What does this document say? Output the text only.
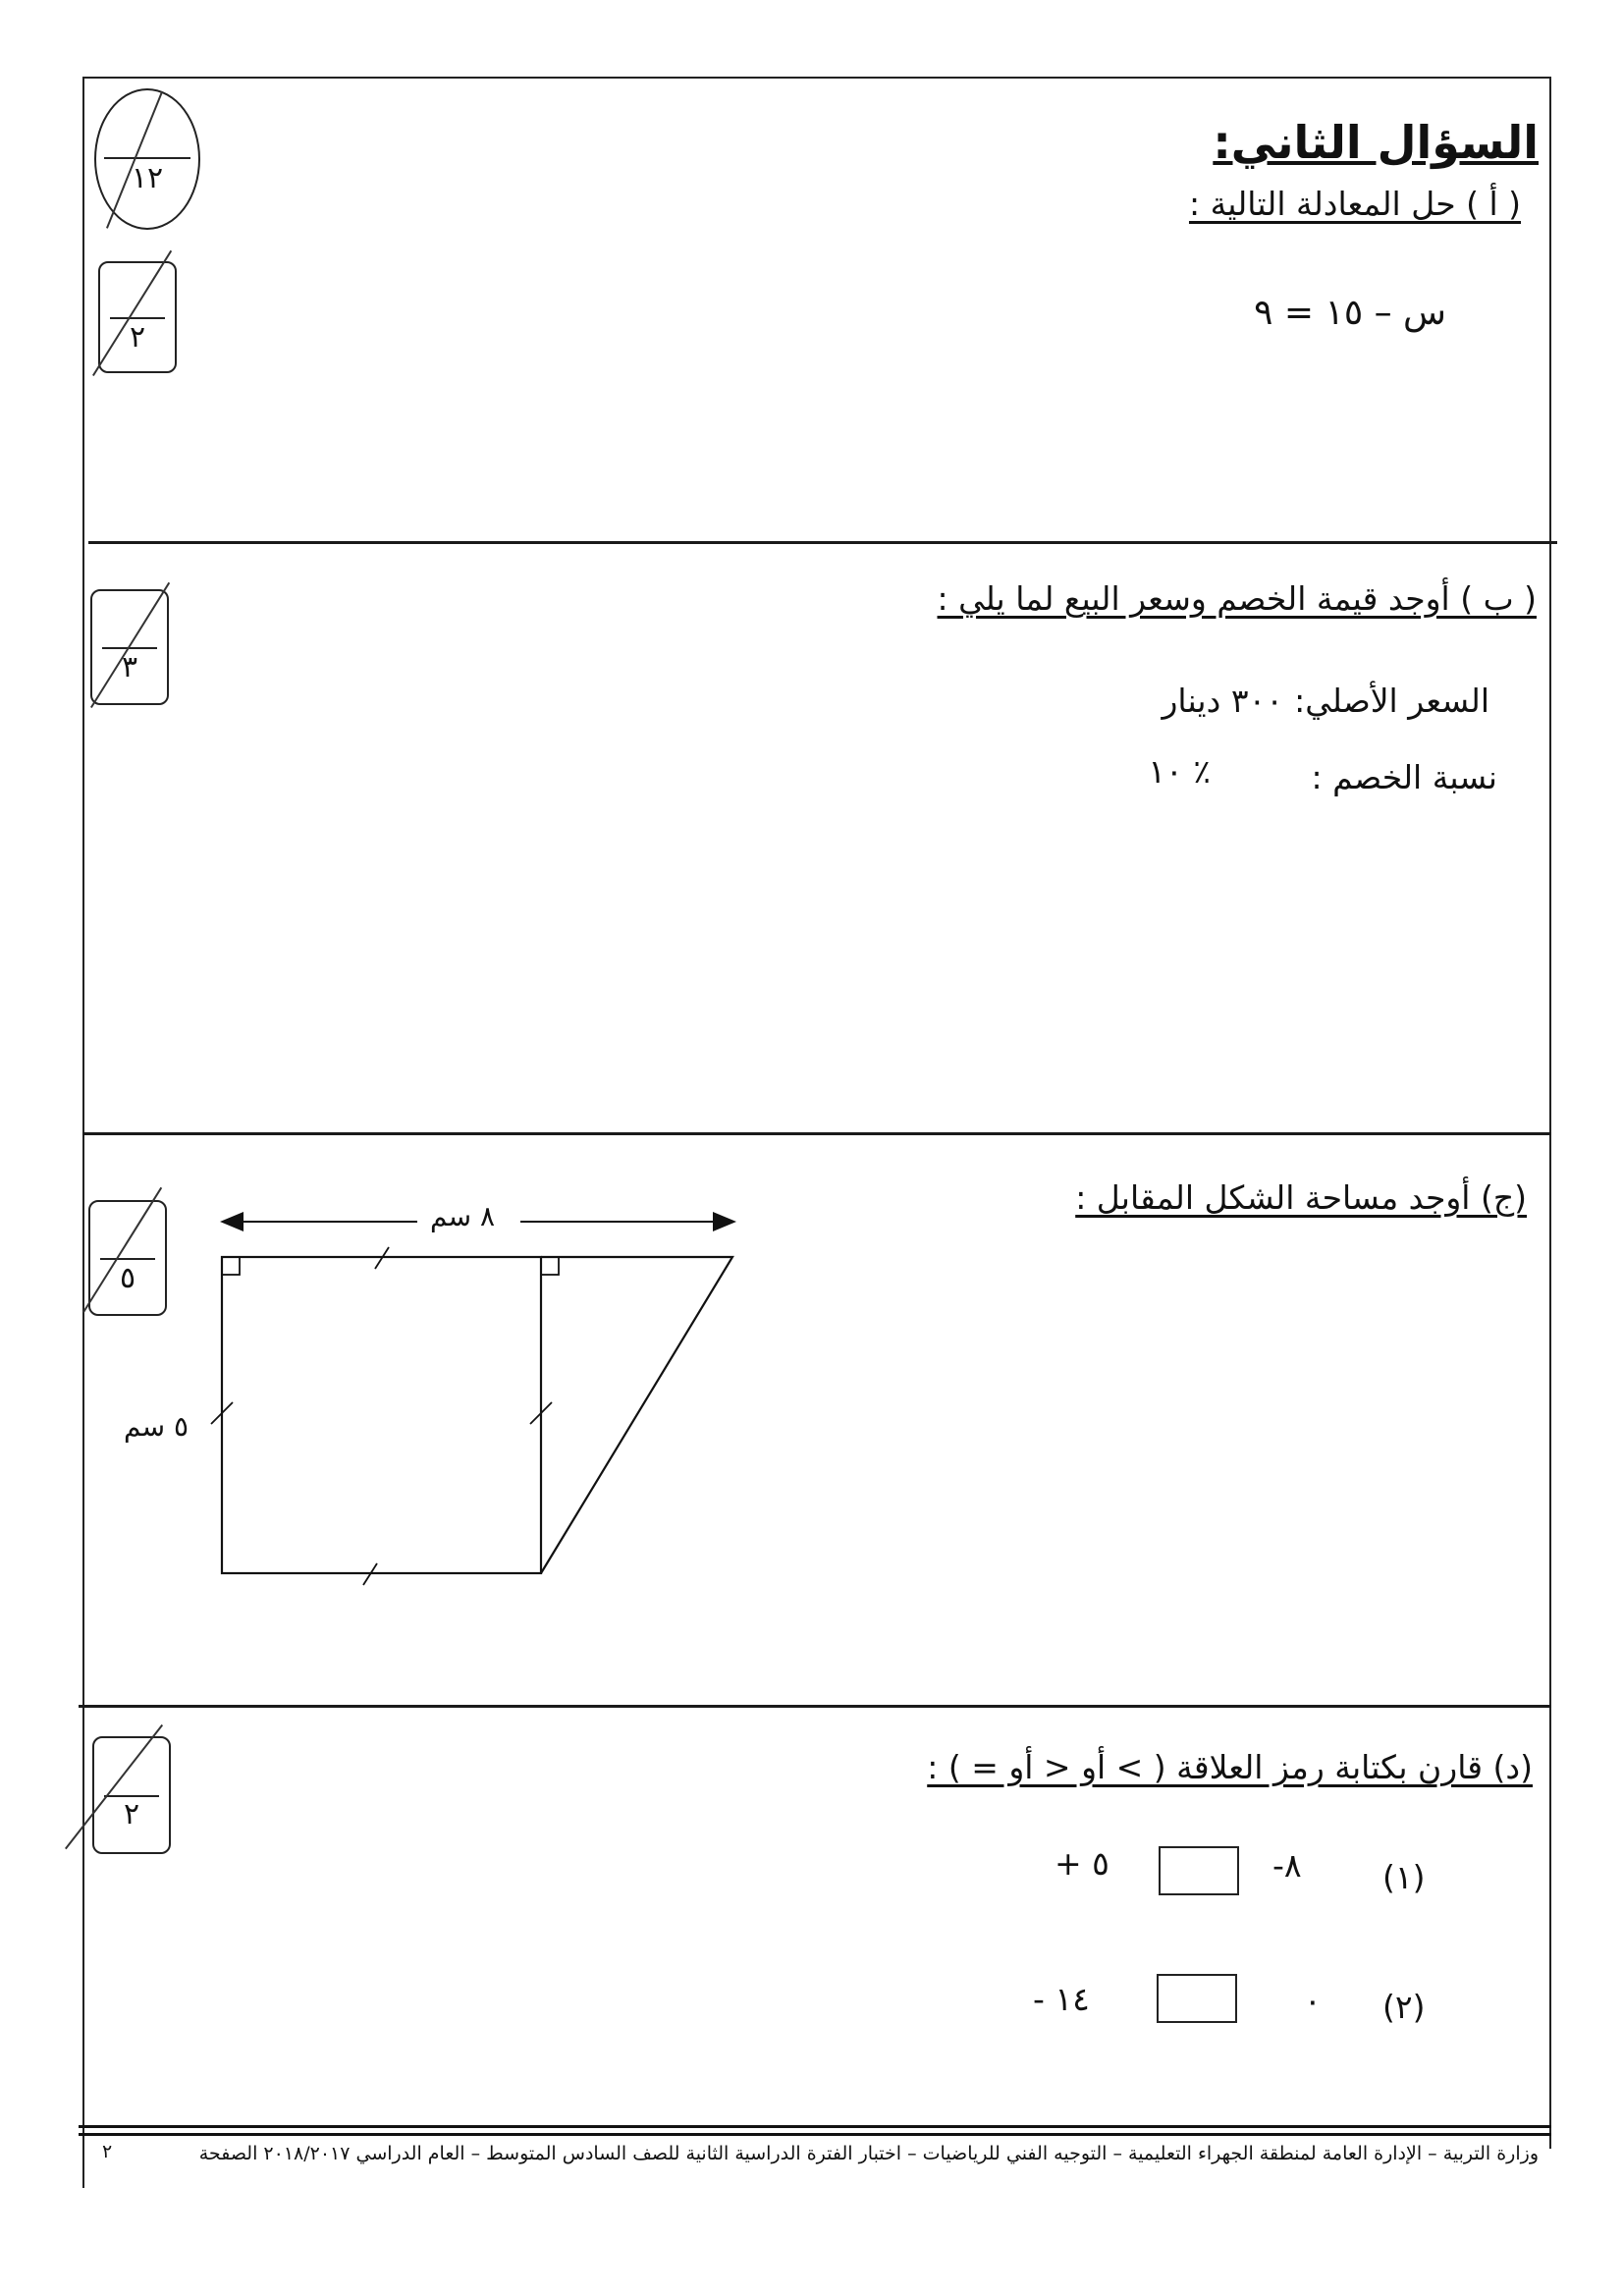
١٢
السؤال الثاني:
٢
( أ ) حل المعادلة التالية :
س – ١٥ = ٩
٣
( ب ) أوجد قيمة الخصم وسعر البيع لما يلي :
السعر الأصلي:
٣٠٠ دينار
نسبة الخصم :
١٠ ٪
٥
(ج) أوجد مساحة الشكل المقابل :
٨ سم
٥ سم
٢
(د) قارن بكتابة رمز العلاقة ( > أو < أو = ) :
(١)
-٨
+ ٥
(٢)
٠
- ١٤
وزارة التربية – الإدارة العامة لمنطقة الجهراء التعليمية – التوجيه الفني للرياضيات – اختبار الفترة الدراسية الثانية للصف السادس المتوسط – العام الدراسي ٢٠١٨/٢٠١٧ الصفحة
٢
